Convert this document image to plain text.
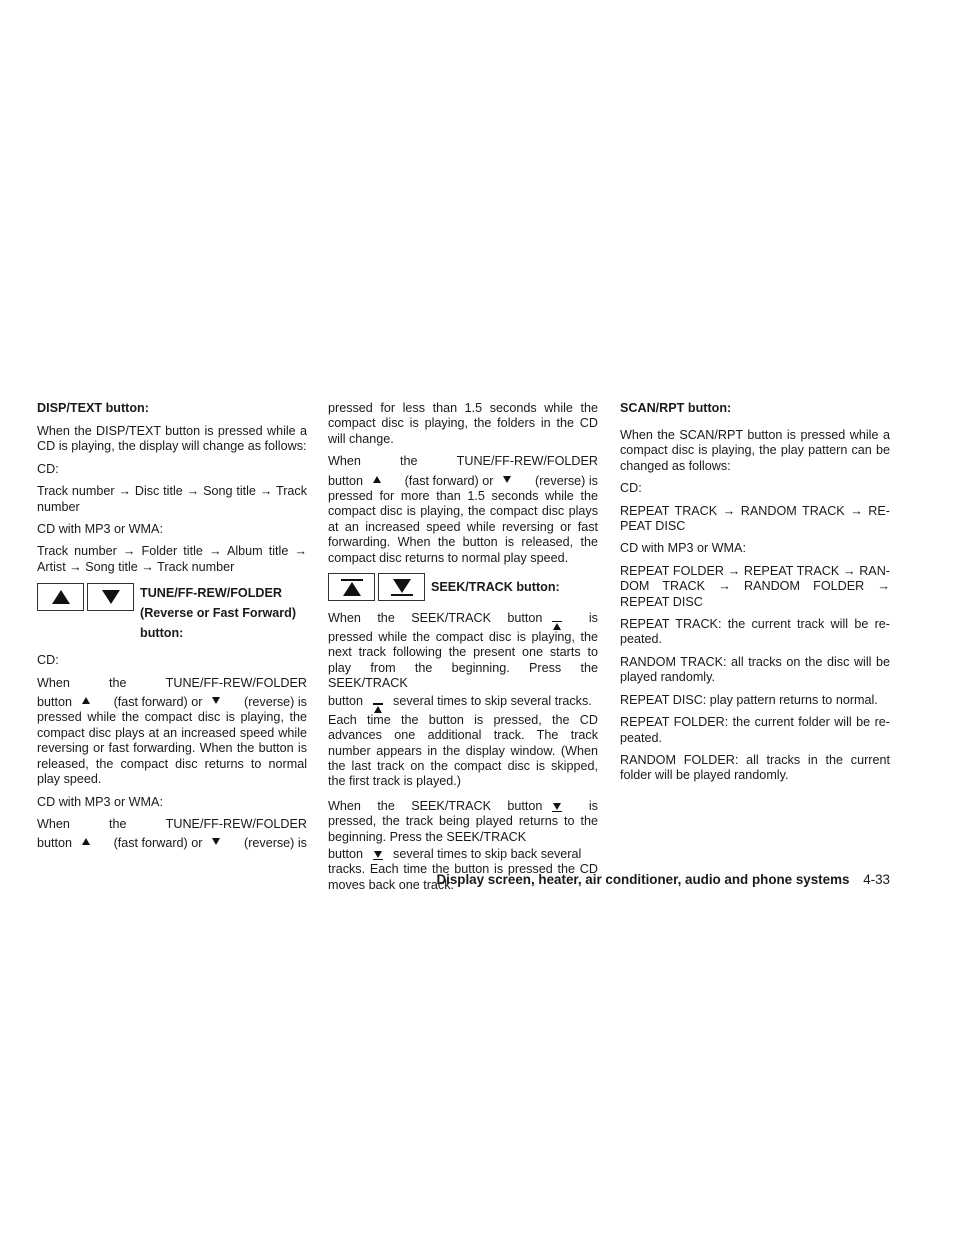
DISP/TEXT button:

When the DISP/TEXT button is pressed while a CD is playing, the display will change as follows:

CD:

Track number → Disc title → Song title → Track number

CD with MP3 or WMA:

Track number → Folder title → Album title → Artist → Song title → Track number

TUNE/FF-REW/FOLDER
(Reverse or Fast Forward)
button:

CD:

When	the	TUNE/FF-REW/FOLDER
button	(fast forward) or	(reverse) is

pressed while the compact disc is playing, the compact disc plays at an increased speed while reversing or fast forwarding. When the button is released, the compact disc returns to normal play speed.

CD with MP3 or WMA:

When	the	TUNE/FF-REW/FOLDER
button	(fast forward) or	(reverse) is

pressed for less than 1.5 seconds while the compact disc is playing, the folders in the CD will change.

When	the	TUNE/FF-REW/FOLDER
button	(fast forward) or	(reverse) is

pressed for more than 1.5 seconds while the compact disc is playing, the compact disc plays at an increased speed while reversing or fast forwarding. When the button is released, the compact disc returns to normal play speed.

SEEK/TRACK button:
When the SEEK/TRACK button	is

pressed while the compact disc is playing, the next track following the present one starts to play from the beginning. Press the SEEK/TRACK

button several times to skip several tracks.

Each time the button is pressed, the CD advances one additional track. The track number appears in the display window. (When the last track on the compact disc is skipped, the first track is played.)

When the SEEK/TRACK button	is

pressed, the track being played returns to the beginning. Press the SEEK/TRACK

button several times to skip back several

tracks. Each time the button is pressed the CD moves back one track.

SCAN/RPT button:

When the SCAN/RPT button is pressed while a compact disc is playing, the play pattern can be changed as follows:

CD:

REPEAT TRACK → RANDOM TRACK → RE-PEAT DISC

CD with MP3 or WMA:

REPEAT FOLDER → REPEAT TRACK → RAN-DOM TRACK → RANDOM FOLDER → REPEAT DISC

REPEAT TRACK: the current track will be re-peated.

RANDOM TRACK: all tracks on the disc will be played randomly.

REPEAT DISC: play pattern returns to normal.

REPEAT FOLDER: the current folder will be re-peated.

RANDOM FOLDER: all tracks in the current folder will be played randomly.

Display screen, heater, air conditioner, audio and phone systems 4-33
